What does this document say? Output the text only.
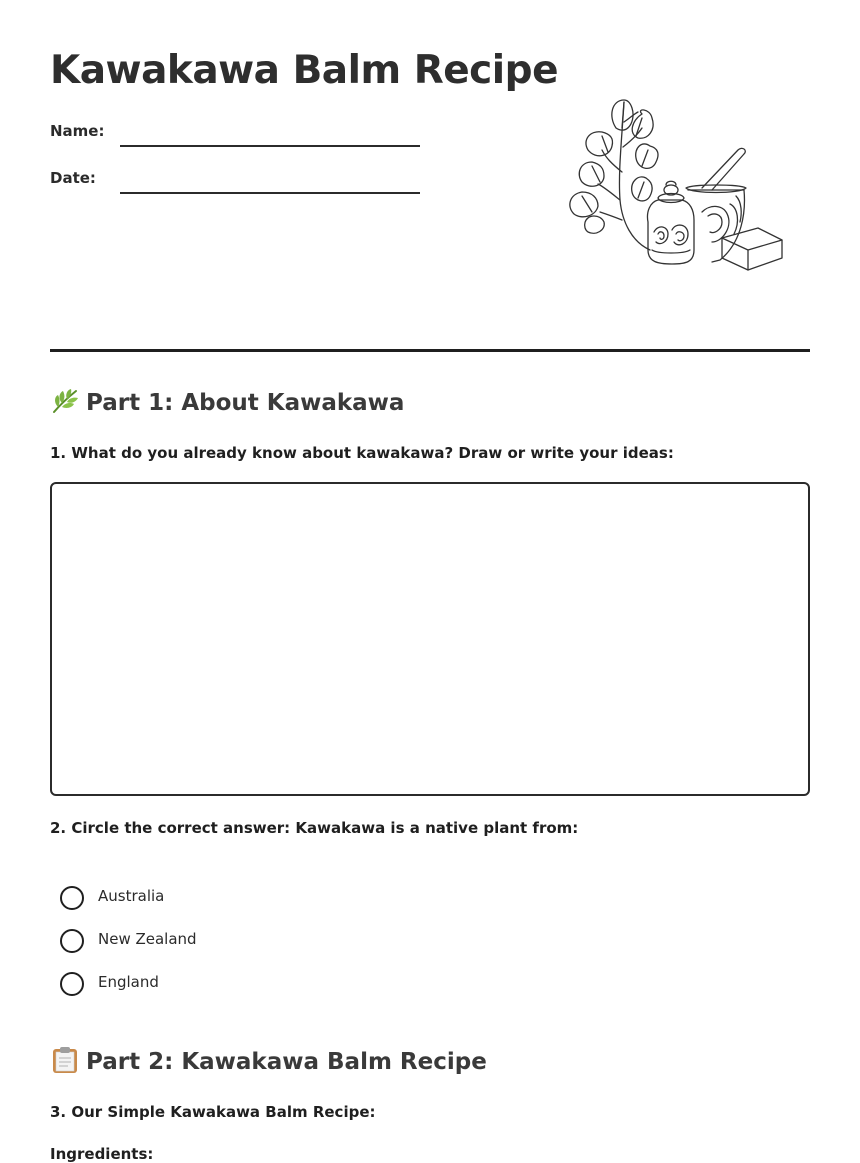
Kawakawa Balm Recipe
Name:
Date:
Part 1: About Kawakawa

1. What do you already know about kawakawa? Draw or write your ideas:

2. Circle the correct answer: Kawakawa is a native plant from:

Australia
New Zealand
England
Part 2: Kawakawa Balm Recipe

3. Our Simple Kawakawa Balm Recipe:

Ingredients:
